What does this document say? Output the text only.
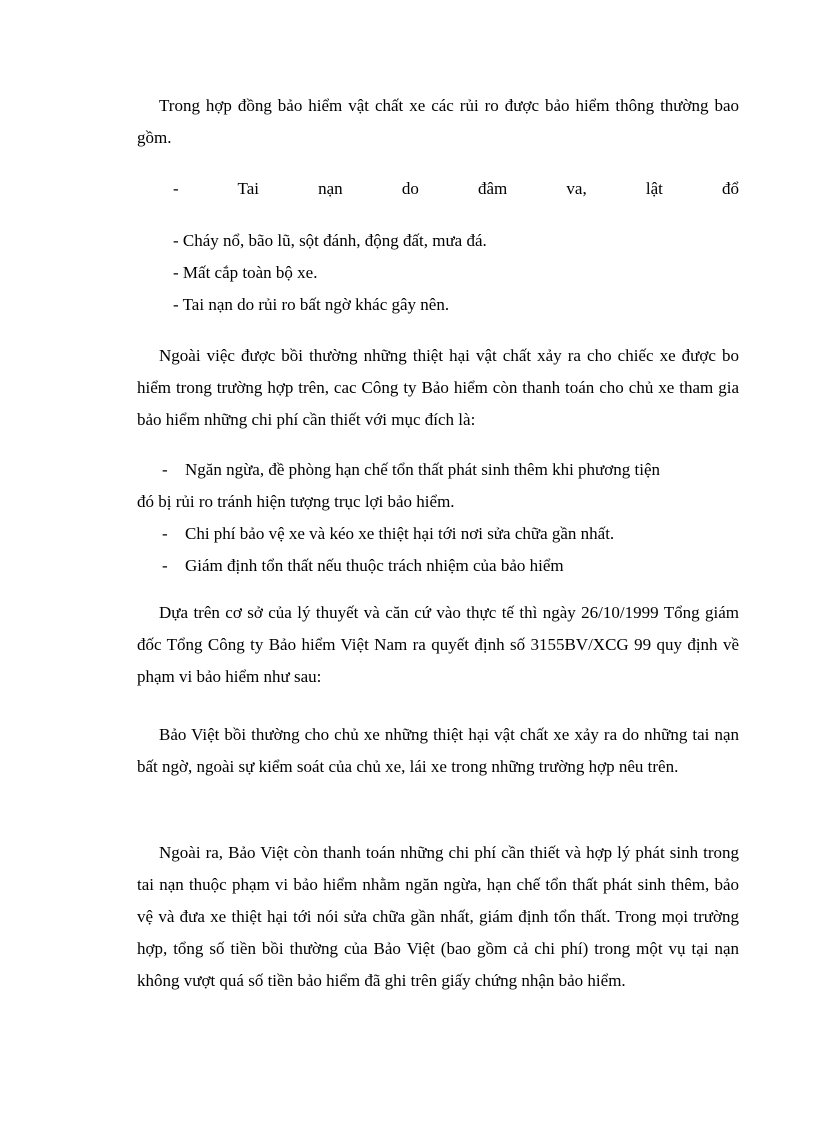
Trong hợp đồng bảo hiểm vật chất xe các rủi ro được bảo hiểm thông thường bao gồm.

- Tai nạn do đâm va, lật đổ
- Cháy nổ, bão lũ, sột đánh, động đất, mưa đá.
- Mất cắp toàn bộ xe.
- Tai nạn do rủi ro bất ngờ khác gây nên.

Ngoài việc được bồi thường những thiệt hại vật chất xảy ra cho chiếc xe được bo hiểm trong trường hợp trên, cac Công ty Bảo hiểm còn thanh toán cho chủ xe tham gia bảo hiểm những chi phí cần thiết với mục đích là:

- Ngăn ngừa, đề phòng hạn chế tổn thất phát sinh thêm khi phương tiện
đó bị rủi ro tránh hiện tượng trục lợi bảo hiểm.
- Chi phí bảo vệ xe và kéo xe thiệt hại tới nơi sửa chữa gần nhất.
- Giám định tổn thất nếu thuộc trách nhiệm của bảo hiểm

Dựa trên cơ sở của lý thuyết và căn cứ vào thực tế thì ngày 26/10/1999 Tổng giám đốc Tổng Công ty Bảo hiểm Việt Nam ra quyết định số 3155BV/XCG 99 quy định về phạm vi bảo hiểm như sau:

Bảo Việt bồi thường cho chủ xe những thiệt hại vật chất xe xảy ra do những tai nạn bất ngờ, ngoài sự kiểm soát của chủ xe, lái xe trong những trường hợp nêu trên.

Ngoài ra, Bảo Việt còn thanh toán những chi phí cần thiết và hợp lý phát sinh trong tai nạn thuộc phạm vi bảo hiểm nhằm ngăn ngừa, hạn chế tổn thất phát sinh thêm, bảo vệ và đưa xe thiệt hại tới nói sửa chữa gần nhất, giám định tổn thất. Trong mọi trường hợp, tổng số tiền bồi thường của Bảo Việt (bao gồm cả chi phí) trong một vụ tại nạn không vượt quá số tiền bảo hiểm đã ghi trên giấy chứng nhận bảo hiểm.
